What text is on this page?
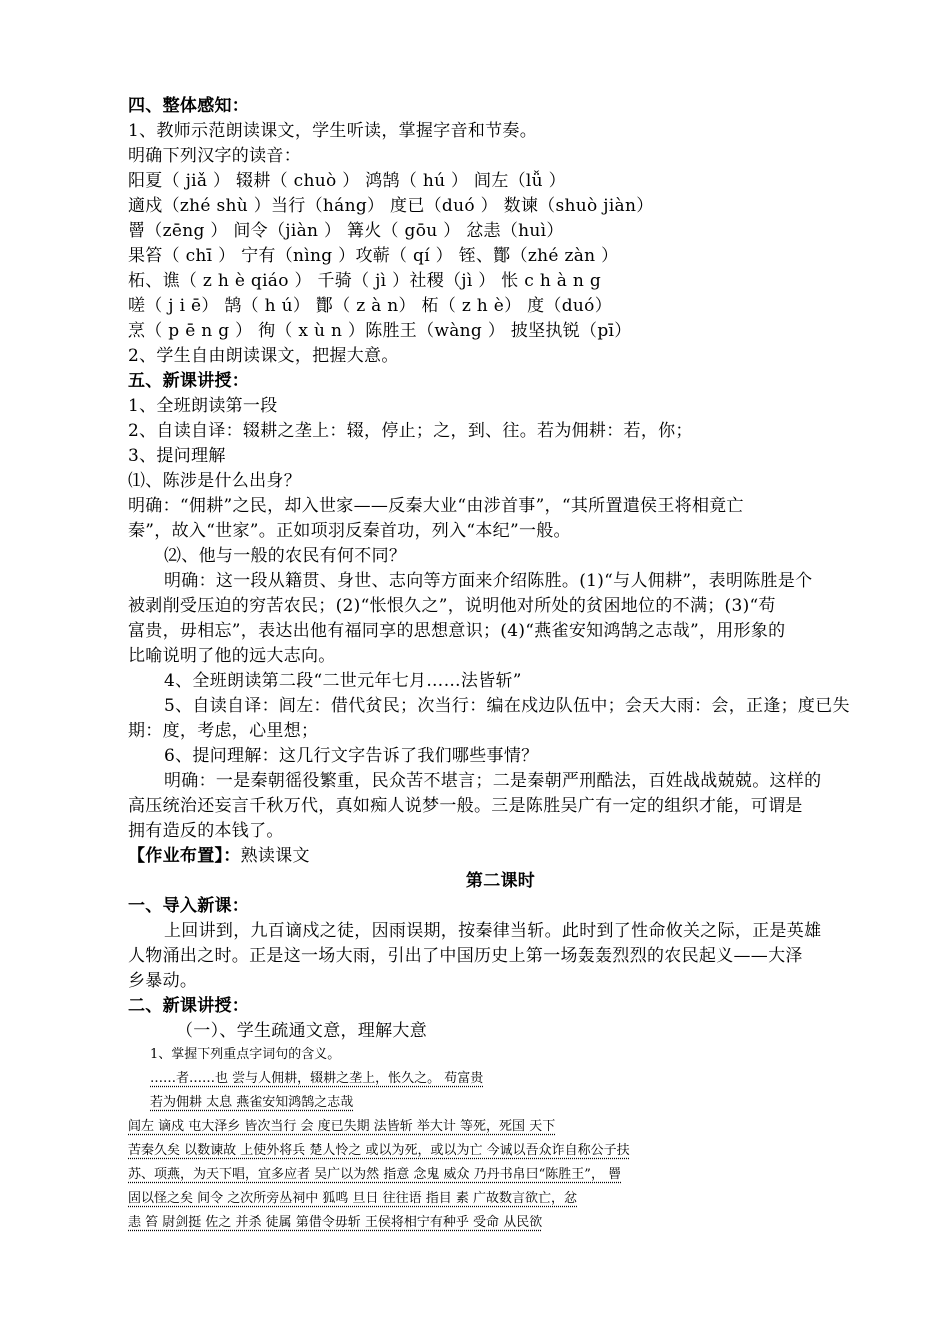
四、整体感知：
1、教师示范朗读课文，学生听读，掌握字音和节奏。
明确下列汉字的读音：
阳夏（ jiǎ ） 辍耕（ chuò ） 鸿鹄（ hú ） 闾左（lǚ ）
適戍（zhé shù ）当行（háng） 度已（duó ） 数谏（shuò jiàn）
罾（zēng ） 间令（jiàn ） 篝火（ gōu ） 忿恚（huì）
果笞（ chī ） 宁有（nìng ）攻蕲（ qí ） 铚、酇（zhé zàn ）
柘、谯（ z h è qiáo ） 千骑（ jì ）社稷（jì ） 怅 c h à n g
嗟（ j i ē） 鹄（ h ú） 酇（ z à n） 柘（ z h è） 度（duó）
烹（ p ē n g ） 徇（ x ù n ）陈胜王（wàng ） 披坚执锐（pī）
2、学生自由朗读课文，把握大意。
五、新课讲授：
1、全班朗读第一段
2、自读自译：辍耕之垄上：辍，停止；之，到、往。若为佣耕：若，你；
3、提问理解
⑴、陈涉是什么出身？
明确：“佣耕”之民，却入世家——反秦大业“由涉首事”，“其所置遣侯王将相竟亡
秦”，故入“世家”。正如项羽反秦首功，列入“本纪”一般。
⑵、他与一般的农民有何不同？
明确：这一段从籍贯、身世、志向等方面来介绍陈胜。(1)“与人佣耕”，表明陈胜是个
被剥削受压迫的穷苦农民；(2)“怅恨久之”，说明他对所处的贫困地位的不满；(3)“苟
富贵，毋相忘”，表达出他有福同享的思想意识；(4)“燕雀安知鸿鹄之志哉”，用形象的
比喻说明了他的远大志向。
4、全班朗读第二段“二世元年七月……法皆斩”
5、自读自译：闾左：借代贫民；次当行：编在戍边队伍中；会天大雨：会，正逢；度已失
期：度，考虑，心里想；
6、提问理解：这几行文字告诉了我们哪些事情？
明确：一是秦朝徭役繁重，民众苦不堪言；二是秦朝严刑酷法，百姓战战兢兢。这样的
高压统治还妄言千秋万代，真如痴人说梦一般。三是陈胜吴广有一定的组织才能，可谓是
拥有造反的本钱了。
【作业布置】：熟读课文
第二课时
一、导入新课：
上回讲到，九百谪戍之徒，因雨误期，按秦律当斩。此时到了性命攸关之际，正是英雄
人物涌出之时。正是这一场大雨，引出了中国历史上第一场轰轰烈烈的农民起义——大泽
乡暴动。
二、新课讲授：
（一）、学生疏通文意，理解大意
1、掌握下列重点字词句的含义。
……者……也 尝与人佣耕，辍耕之垄上，怅久之。 苟富贵
若为佣耕 太息 燕雀安知鸿鹄之志哉
闾左 谪戍 屯大泽乡 皆次当行 会 度已失期 法皆斩 举大计 等死，死国 天下
苦秦久矣 以数谏故 上使外将兵 楚人怜之 或以为死，或以为亡 今诚以吾众诈自称公子扶
苏、项燕，为天下唱，宜多应者 吴广以为然 指意 念鬼 威众 乃丹书帛曰“陈胜王”， 罾
固以怪之矣 间令 之次所旁丛祠中 狐鸣 旦日 往往语 指目 素 广故数言欲亡，忿
恚 笞 尉剑挺 佐之 并杀 徒属 第借令毋斩 王侯将相宁有种乎 受命 从民欲
